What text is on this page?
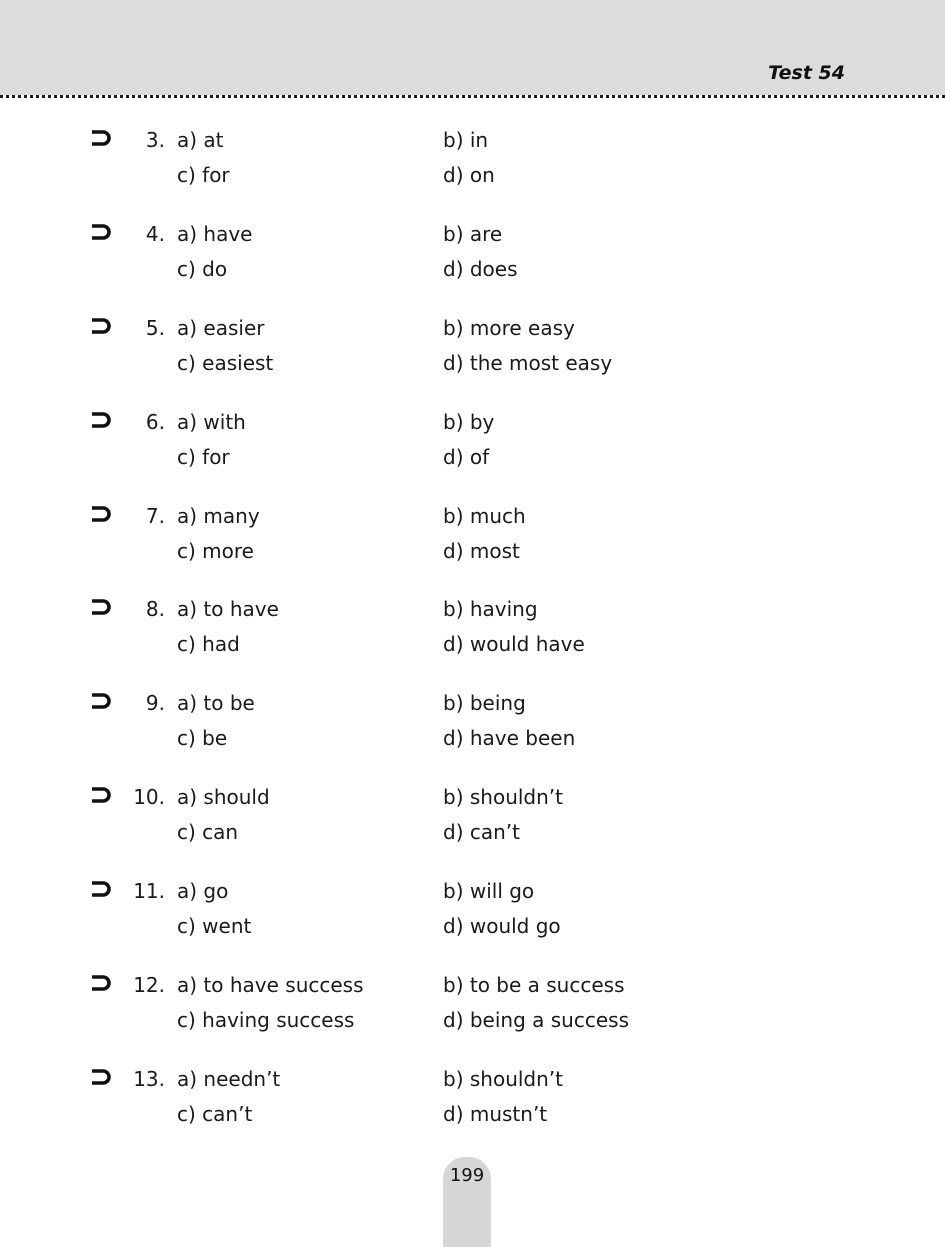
Test 54
3. a) at	b) in
c) for	d) on
4. a) have	b) are
c) do	d) does
5. a) easier	b) more easy
c) easiest	d) the most easy
6. a) with	b) by
c) for	d) of
7. a) many	b) much
c) more	d) most
8. a) to have	b) having
c) had	d) would have
9. a) to be	b) being
c) be	d) have been
10. a) should	b) shouldn’t
c) can	d) can’t
11. a) go	b) will go
c) went	d) would go
12. a) to have success	b) to be a success
c) having success	d) being a success
13. a) needn’t	b) shouldn’t
c) can’t	d) mustn’t
199
